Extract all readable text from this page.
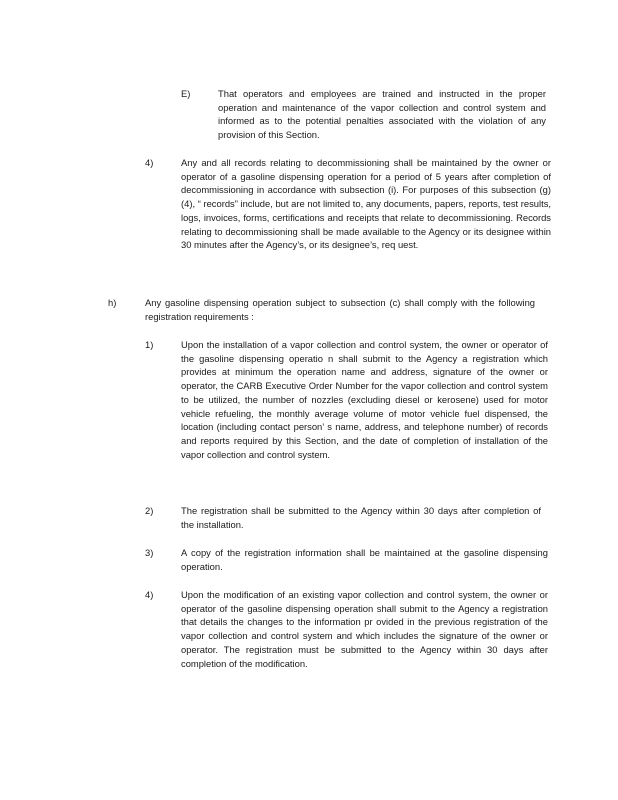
E)	That operators and employees are trained and instructed in the proper operation and maintenance of the vapor collection and control system and informed as to the potential penalties associated with the violation of any provision of this Section.
4)	Any and all records relating to decommissioning shall be maintained by the owner or operator of a gasoline dispensing operation for a period of 5 years after completion of decommissioning in accordance with subsection (i). For purposes of this subsection (g)(4), “ records” include, but are not limited to, any documents, papers, reports, test results, logs, invoices, forms, certifications and receipts that relate to decommissioning. Records relating to decommissioning shall be made available to the Agency or its designee within 30 minutes after the Agency’s, or its designee’s, req uest.
h)	Any gasoline dispensing operation subject to subsection (c) shall comply with the following registration requirements :
1)	Upon the installation of a vapor collection and control system, the owner or operator of the gasoline dispensing operatio n shall submit to the Agency a registration which provides at minimum the operation name and address, signature of the owner or operator, the CARB Executive Order Number for the vapor collection and control system to be utilized, the number of nozzles (excluding diesel or kerosene) used for motor vehicle refueling, the monthly average volume of motor vehicle fuel dispensed, the location (including contact person’ s name, address, and telephone number) of records and reports required by this Section, and the date of completion of installation of the vapor collection and control system.
2)	The registration shall be submitted to the Agency within 30 days after completion of the installation.
3)	A copy of the registration information shall be maintained at the gasoline dispensing operation.
4)	Upon the modification of an existing vapor collection and control system, the owner or operator of the gasoline dispensing operation shall submit to the Agency a registration that details the changes to the information pr ovided in the previous registration of the vapor collection and control system and which includes the signature of the owner or operator. The registration must be submitted to the Agency within 30 days after completion of the modification.
